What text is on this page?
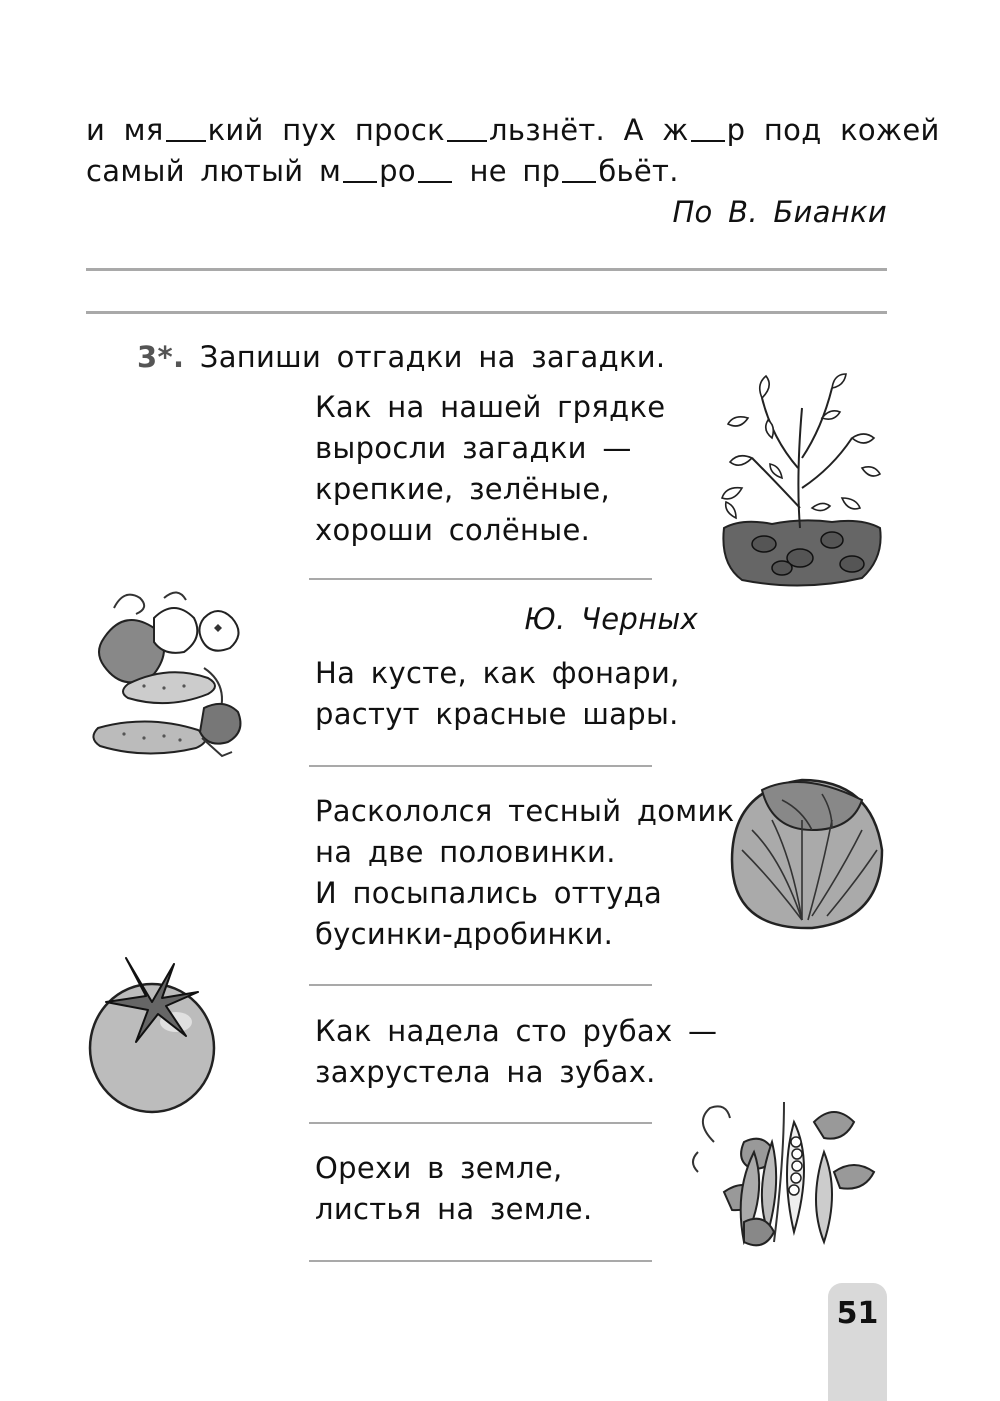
и мя кий пух проск льзнёт. А ж р под кожей
самый лютый м ро не пр бьёт.
По В. Бианки
3*. Запиши отгадки на загадки.
Как на нашей грядке
выросли загадки —
крепкие, зелёные,
хороши солёные.
Ю. Черных
На кусте, как фонари,
растут красные шары.
Раскололся тесный домик
на две половинки.
И посыпались оттуда
бусинки-дробинки.
Как надела сто рубах —
захрустела на зубах.
Орехи в земле,
листья на земле.
51
